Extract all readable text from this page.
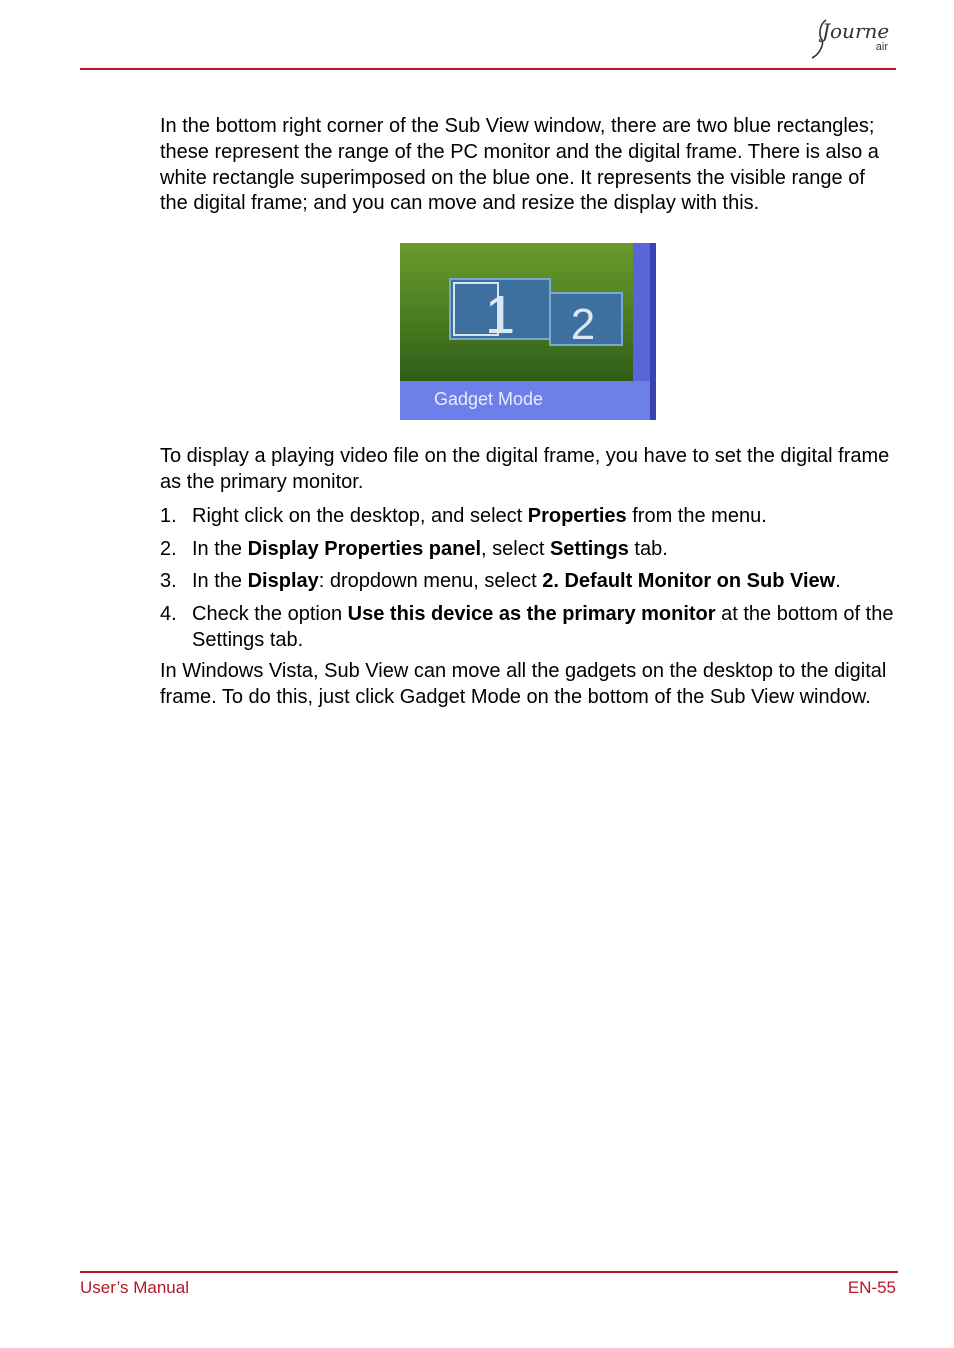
Journe
air

In the bottom right corner of the Sub View window, there are two blue rectangles; these represent the range of the PC monitor and the digital frame. There is also a white rectangle superimposed on the blue one. It represents the visible range of the digital frame; and you can move and resize the display with this.

1 2
Gadget Mode

To display a playing video file on the digital frame, you have to set the digital frame as the primary monitor.

1. Right click on the desktop, and select Properties from the menu.
2. In the Display Properties panel, select Settings tab.
3. In the Display: dropdown menu, select 2. Default Monitor on Sub View.
4. Check the option Use this device as the primary monitor at the bottom of the Settings tab.

In Windows Vista, Sub View can move all the gadgets on the desktop to the digital frame. To do this, just click Gadget Mode on the bottom of the Sub View window.

User’s Manual	EN-55
